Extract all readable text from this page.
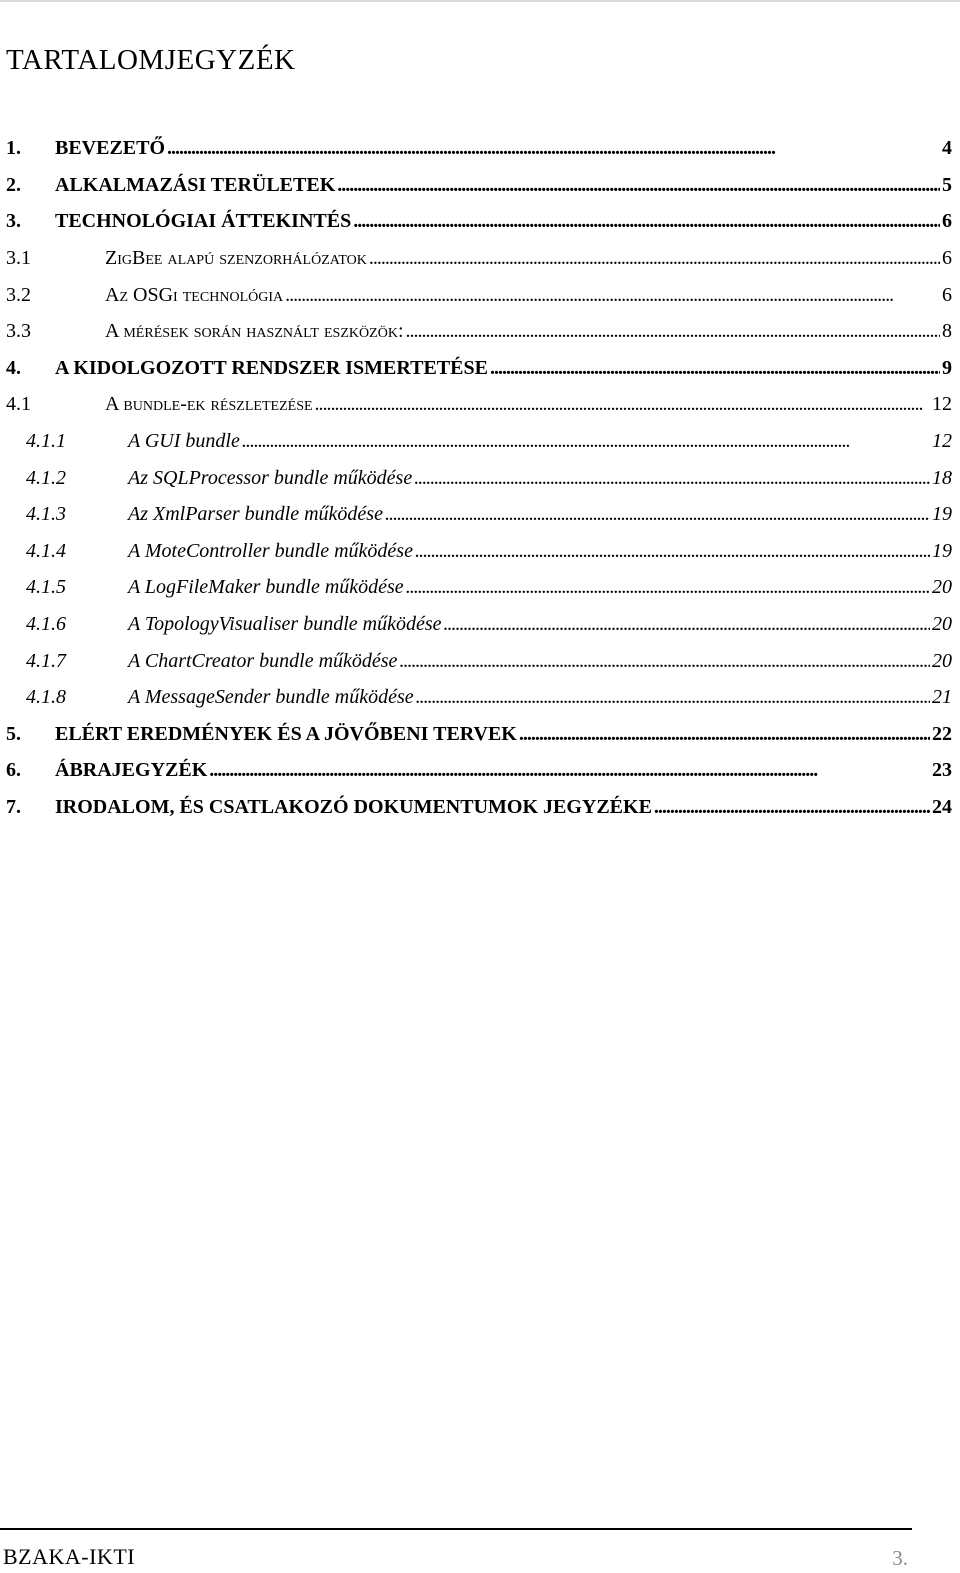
TARTALOMJEGYZÉK
1. BEVEZETŐ . . .	4
2. ALKALMAZÁSI TERÜLETEK . . .	5
3. TECHNOLÓGIAI ÁTTEKINTÉS . . .	6
3.1	ZigBee alapú szenzorhálózatok . . .	6
3.2	Az OSGi technológia . . .	6
3.3	A mérések során használt eszközök: . . .	8
4. A KIDOLGOZOTT RENDSZER ISMERTETÉSE . . .	9
4.1	A bundle-ek részletezése . . .	12
4.1.1	A GUI bundle . . .	12
4.1.2	Az SQLProcessor bundle működése . . .	18
4.1.3	Az XmlParser bundle működése . . .	19
4.1.4	A MoteController bundle működése . . .	19
4.1.5	A LogFileMaker bundle működése . . .	20
4.1.6	A TopologyVisualiser bundle működése . . .	20
4.1.7	A ChartCreator bundle működése . . .	20
4.1.8	A MessageSender bundle működése . . .	21
5. ELÉRT EREDMÉNYEK ÉS A JÖVŐBENI TERVEK . . .	22
6. ÁBRAJEGYZÉK . . .	23
7. IRODALOM, ÉS CSATLAKOZÓ DOKUMENTUMOK JEGYZÉKE . . .	24
BZAKA-IKTI	3.
